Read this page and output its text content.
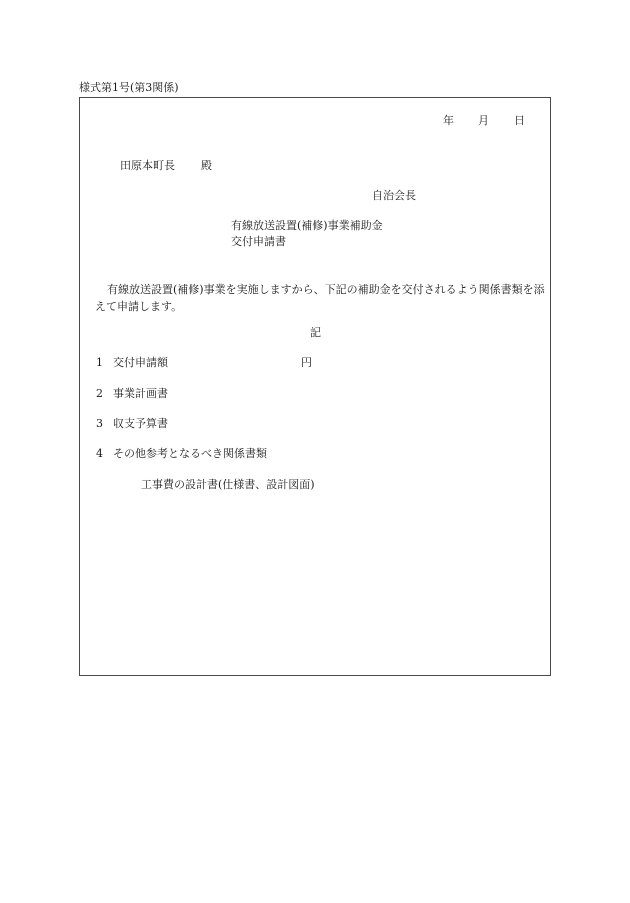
様式第1号(第3関係)
年 月 日
田原本町長 殿
自治会長
有線放送設置(補修)事業補助金
交付申請書
有線放送設置(補修)事業を実施しますから、下記の補助金を交付されるよう関係書類を添えて申請します。
記
1 交付申請額	円
2 事業計画書
3 収支予算書
4 その他参考となるべき関係書類
工事費の設計書(仕様書、設計図面)
